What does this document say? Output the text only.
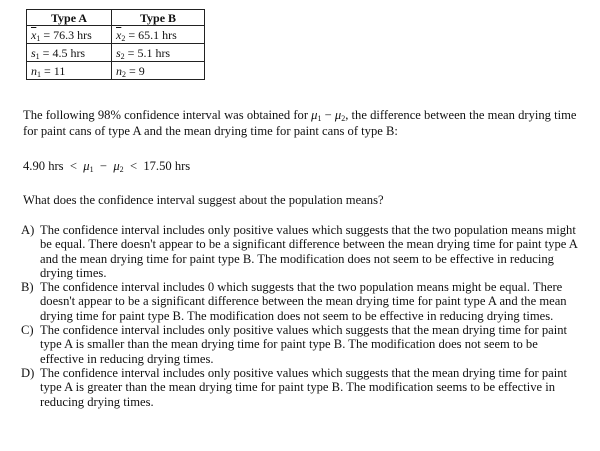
Type A	Type B
$\overline{x}_1 = 76.3$ hrs	$\overline{x}_2 = 65.1$ hrs
$s_1 = 4.5$ hrs	$s_2 = 5.1$ hrs
$n_1 = 11$	$n_2 = 9$
The following 98% confidence interval was obtained for $\mu_1 - \mu_2$, the difference between the mean drying time for paint cans of type A and the mean drying time for paint cans of type B:
4.90 hrs  <  $\mu_1 - \mu_2 < 17.50$ hrs
What does the confidence interval suggest about the population means?

A) The confidence interval includes only positive values which suggests that the two population means might be equal. There doesn't appear to be a significant difference between the mean drying time for paint type A and the mean drying time for paint type B. The modification does not seem to be effective in reducing drying times.

B) The confidence interval includes 0 which suggests that the two population means might be equal. There doesn't appear to be a significant difference between the mean drying time for paint type A and the mean drying time for paint type B. The modification does not seem to be effective in reducing drying times.

C) The confidence interval includes only positive values which suggests that the mean drying time for paint type A is smaller than the mean drying time for paint type B. The modification does not seem to be effective in reducing drying times.

D) The confidence interval includes only positive values which suggests that the mean drying time for paint type A is greater than the mean drying time for paint type B. The modification seems to be effective in reducing drying times.
